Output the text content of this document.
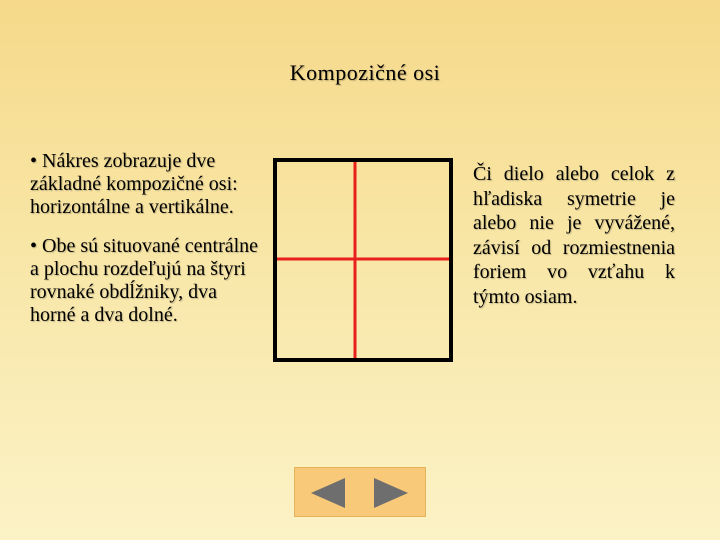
Kompozičné osi

• Nákres zobrazuje dve základné kompozičné osi: horizontálne a vertikálne.

• Obe sú situované centrálne a plochu rozdeľujú na štyri rovnaké obdĺžniky, dva horné a dva dolné.

Či dielo alebo celok z hľadiska symetrie je alebo nie je vyvážené, závisí od rozmiestnenia foriem vo vzťahu k týmto osiam.
